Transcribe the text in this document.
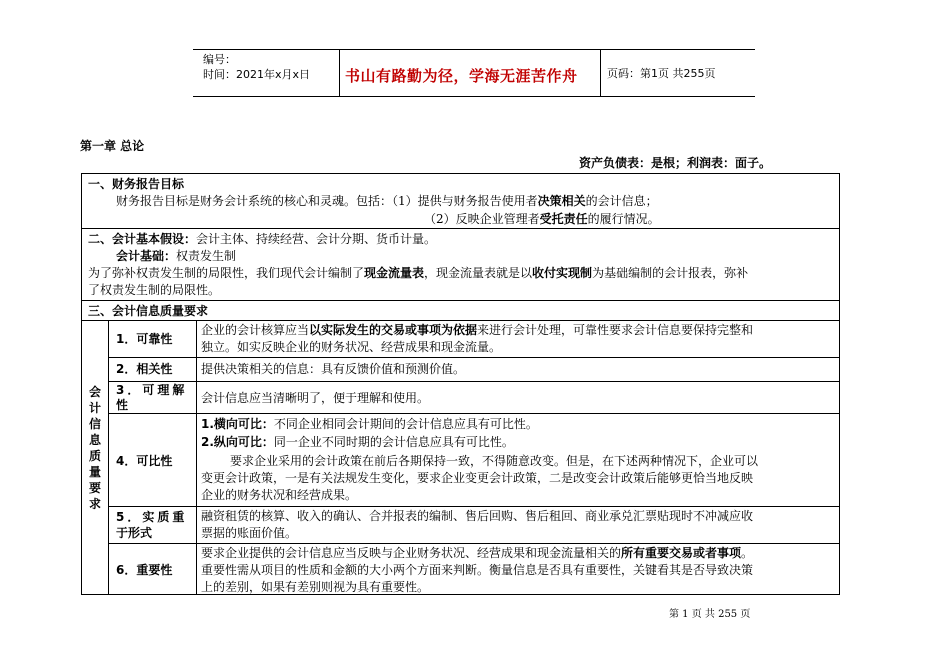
编号：
时间：2021年x月x日 书山有路勤为径，学海无涯苦作舟	页码：第1页 共255页
第一章 总论
资产负债表：是根；利润表：面子。
一、财务报告目标
财务报告目标是财务会计系统的核心和灵魂。包括：（1）提供与财务报告使用者决策相关的会计信息；
（2）反映企业管理者受托责任的履行情况。
二、会计基本假设：会计主体、持续经营、会计分期、货币计量。
会计基础：权责发生制
为了弥补权责发生制的局限性，我们现代会计编制了现金流量表，现金流量表就是以收付实现制为基础编制的会计报表，弥补
了权责发生制的局限性。
三、会计信息质量要求
会
计
信
息
质
量
要
求
1．可靠性
企业的会计核算应当以实际发生的交易或事项为依据来进行会计处理，可靠性要求会计信息要保持完整和
独立。如实反映企业的财务状况、经营成果和现金流量。
2．相关性 提供决策相关的信息：具有反馈价值和预测价值。
3．可理解
性	会计信息应当清晰明了，便于理解和使用。
4．可比性
1.横向可比：不同企业相同会计期间的会计信息应具有可比性。
2.纵向可比：同一企业不同时期的会计信息应具有可比性。
要求企业采用的会计政策在前后各期保持一致，不得随意改变。但是，在下述两种情况下，企业可以
变更会计政策，一是有关法规发生变化，要求企业变更会计政策，二是改变会计政策后能够更恰当地反映
企业的财务状况和经营成果。
5．实质重
于形式
融资租赁的核算、收入的确认、合并报表的编制、售后回购、售后租回、商业承兑汇票贴现时不冲减应收
票据的账面价值。
6．重要性
要求企业提供的会计信息应当反映与企业财务状况、经营成果和现金流量相关的所有重要交易或者事项。
重要性需从项目的性质和金额的大小两个方面来判断。衡量信息是否具有重要性，关键看其是否导致决策
上的差别，如果有差别则视为具有重要性。
第 1 页 共 255 页
